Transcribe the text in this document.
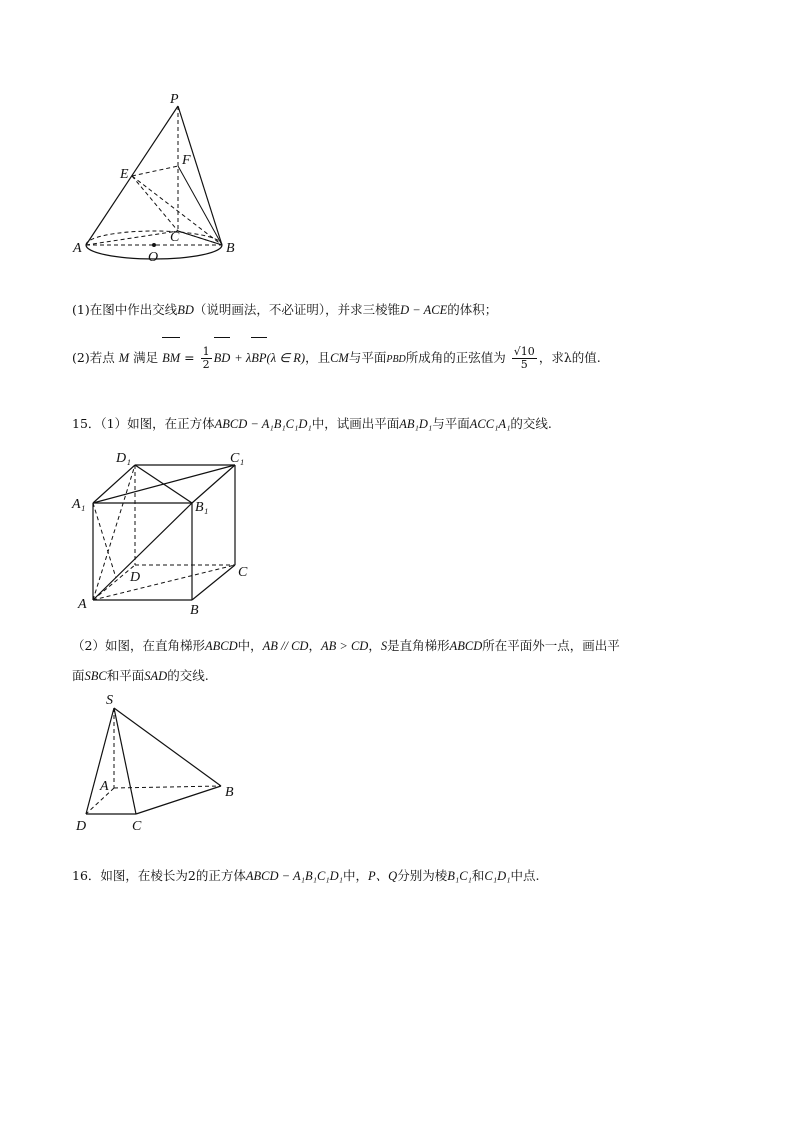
P
E
F
C
A
O
B
(1)在图中作出交线BD（说明画法，不必证明），并求三棱锥D − ACE的体积；
(2)若点 M 满足 BM = $\frac{1}{2}$ BD + λBP(λ ∈ R)，且CM与平面PBD所成角的正弦值为 $\frac{√10}{5}$ ，求λ的值.
15．（1）如图，在正方体ABCD − A₁B₁C₁D₁中，试画出平面AB₁D₁与平面ACC₁A₁的交线.
D₁	C₁
A₁	B₁
D	C
A	B
（2）如图，在直角梯形ABCD中，AB // CD，AB > CD，S是直角梯形ABCD所在平面外一点，画出平
面SBC和平面SAD的交线.
S
A	B
D	C
16．如图，在棱长为2的正方体ABCD − A₁B₁C₁D₁中，P、Q分别为棱B₁C₁和C₁D₁中点.
